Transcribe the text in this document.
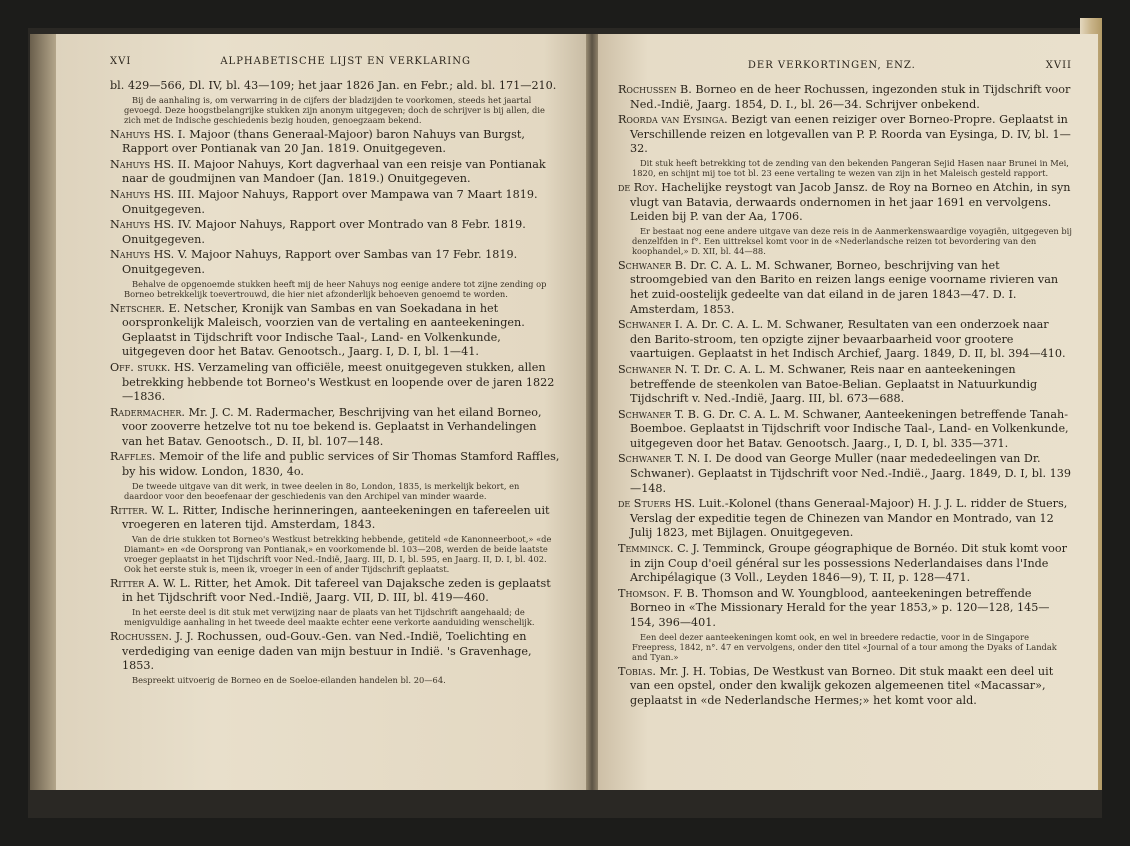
XVI	ALPHABETISCHE LIJST EN VERKLARING
bl. 429—566, Dl. IV, bl. 43—109; het jaar 1826 Jan. en Febr.; ald. bl. 171—210.
Bij de aanhaling is, om verwarring in de cijfers der bladzijden te voorkomen, steeds het jaartal gevoegd. Deze hoogstbelangrijke stukken zijn anonym uitgegeven; doch de schrijver is bij allen, die zich met de Indische geschiedenis bezig houden, genoegzaam bekend.
Nahuys HS. I. Majoor (thans Generaal-Majoor) baron Nahuys van Burgst, Rapport over Pontianak van 20 Jan. 1819. Onuitgegeven.
Nahuys HS. II. Majoor Nahuys, Kort dagverhaal van een reisje van Pontianak naar de goudmijnen van Mandoer (Jan. 1819.) Onuitgegeven.
Nahuys HS. III. Majoor Nahuys, Rapport over Mampawa van 7 Maart 1819. Onuitgegeven.
Nahuys HS. IV. Majoor Nahuys, Rapport over Montrado van 8 Febr. 1819. Onuitgegeven.
Nahuys HS. V. Majoor Nahuys, Rapport over Sambas van 17 Febr. 1819. Onuitgegeven.
Behalve de opgenoemde stukken heeft mij de heer Nahuys nog eenige andere tot zijne zending op Borneo betrekkelijk toevertrouwd, die hier niet afzonderlijk behoeven genoemd te worden.
Netscher. E. Netscher, Kronijk van Sambas en van Soekadana in het oorspronkelijk Maleisch, voorzien van de vertaling en aanteekeningen. Geplaatst in Tijdschrift voor Indische Taal-, Land- en Volkenkunde, uitgegeven door het Batav. Genootsch., Jaarg. I, D. I, bl. 1—41.
Off. stukk. HS. Verzameling van officiële, meest onuitgegeven stukken, allen betrekking hebbende tot Borneo's Westkust en loopende over de jaren 1822—1836.
Radermacher. Mr. J. C. M. Radermacher, Beschrijving van het eiland Borneo, voor zooverre hetzelve tot nu toe bekend is. Geplaatst in Verhandelingen van het Batav. Genootsch., D. II, bl. 107—148.
Raffles. Memoir of the life and public services of Sir Thomas Stamford Raffles, by his widow. London, 1830, 4o.
De tweede uitgave van dit werk, in twee deelen in 8o, London, 1835, is merkelijk bekort, en daardoor voor den beoefenaar der geschiedenis van den Archipel van minder waarde.
Ritter. W. L. Ritter, Indische herinneringen, aanteekeningen en tafereelen uit vroegeren en lateren tijd. Amsterdam, 1843.
Van de drie stukken tot Borneo's Westkust betrekking hebbende, getiteld «de Kanonneerboot,» «de Diamant» en «de Oorsprong van Pontianak,» en voorkomende bl. 103—208, werden de beide laatste vroeger geplaatst in het Tijdschrift voor Ned.-Indië, Jaarg. III, D. I, bl. 595, en Jaarg. II, D. I, bl. 402. Ook het eerste stuk is, meen ik, vroeger in een of ander Tijdschrift geplaatst.
Ritter A. W. L. Ritter, het Amok. Dit tafereel van Dajaksche zeden is geplaatst in het Tijdschrift voor Ned.-Indië, Jaarg. VII, D. III, bl. 419—460.
In het eerste deel is dit stuk met verwijzing naar de plaats van het Tijdschrift aangehaald; de menigvuldige aanhaling in het tweede deel maakte echter eene verkorte aanduiding wenschelijk.
Rochussen. J. J. Rochussen, oud-Gouv.-Gen. van Ned.-Indië, Toelichting en verdediging van eenige daden van mijn bestuur in Indië. 's Gravenhage, 1853.
Bespreekt uitvoerig de Borneo en de Soeloe-eilanden handelen bl. 20—64.
DER VERKORTINGEN, ENZ.	XVII
Rochussen B. Borneo en de heer Rochussen, ingezonden stuk in Tijdschrift voor Ned.-Indië, Jaarg. 1854, D. I., bl. 26—34. Schrijver onbekend.
Roorda van Eysinga. Bezigt van eenen reiziger over Borneo-Propre. Geplaatst in Verschillende reizen en lotgevallen van P. P. Roorda van Eysinga, D. IV, bl. 1—32.
Dit stuk heeft betrekking tot de zending van den bekenden Pangeran Sejid Hasen naar Brunei in Mei, 1820, en schijnt mij toe tot bl. 23 eene vertaling te wezen van zijn in het Maleisch gesteld rapport.
de Roy. Hachelijke reystogt van Jacob Jansz. de Roy na Borneo en Atchin, in syn vlugt van Batavia, derwaards ondernomen in het jaar 1691 en vervolgens. Leiden bij P. van der Aa, 1706.
Er bestaat nog eene andere uitgave van deze reis in de Aanmerkenswaardige voyagiën, uitgegeven bij denzelfden in f°. Een uittreksel komt voor in de «Nederlandsche reizen tot bevordering van den koophandel,» D. XII, bl. 44—88.
Schwaner B. Dr. C. A. L. M. Schwaner, Borneo, beschrijving van het stroomgebied van den Barito en reizen langs eenige voorname rivieren van het zuid-oostelijk gedeelte van dat eiland in de jaren 1843—47. D. I. Amsterdam, 1853.
Schwaner I. A. Dr. C. A. L. M. Schwaner, Resultaten van een onderzoek naar den Barito-stroom, ten opzigte zijner bevaarbaarheid voor grootere vaartuigen. Geplaatst in het Indisch Archief, Jaarg. 1849, D. II, bl. 394—410.
Schwaner N. T. Dr. C. A. L. M. Schwaner, Reis naar en aanteekeningen betreffende de steenkolen van Batoe-Belian. Geplaatst in Natuurkundig Tijdschrift v. Ned.-Indië, Jaarg. III, bl. 673—688.
Schwaner T. B. G. Dr. C. A. L. M. Schwaner, Aanteekeningen betreffende Tanah-Boemboe. Geplaatst in Tijdschrift voor Indische Taal-, Land- en Volkenkunde, uitgegeven door het Batav. Genootsch. Jaarg., I, D. I, bl. 335—371.
Schwaner T. N. I. De dood van George Muller (naar mededeelingen van Dr. Schwaner). Geplaatst in Tijdschrift voor Ned.-Indië., Jaarg. 1849, D. I, bl. 139—148.
de Stuers HS. Luit.-Kolonel (thans Generaal-Majoor) H. J. J. L. ridder de Stuers, Verslag der expeditie tegen de Chinezen van Mandor en Montrado, van 12 Julij 1823, met Bijlagen. Onuitgegeven.
Temminck. C. J. Temminck, Groupe géographique de Bornéo. Dit stuk komt voor in zijn Coup d'oeil général sur les possessions Nederlandaises dans l'Inde Archipélagique (3 Voll., Leyden 1846—9), T. II, p. 128—471.
Thomson. F. B. Thomson and W. Youngblood, aanteekeningen betreffende Borneo in «The Missionary Herald for the year 1853,» p. 120—128, 145—154, 396—401.
Een deel dezer aanteekeningen komt ook, en wel in breedere redactie, voor in de Singapore Freepress, 1842, n°. 47 en vervolgens, onder den titel «Journal of a tour among the Dyaks of Landak and Tyan.»
Tobias. Mr. J. H. Tobias, De Westkust van Borneo. Dit stuk maakt een deel uit van een opstel, onder den kwalijk gekozen algemeenen titel «Macassar», geplaatst in «de Nederlandsche Hermes;» het komt voor ald.
